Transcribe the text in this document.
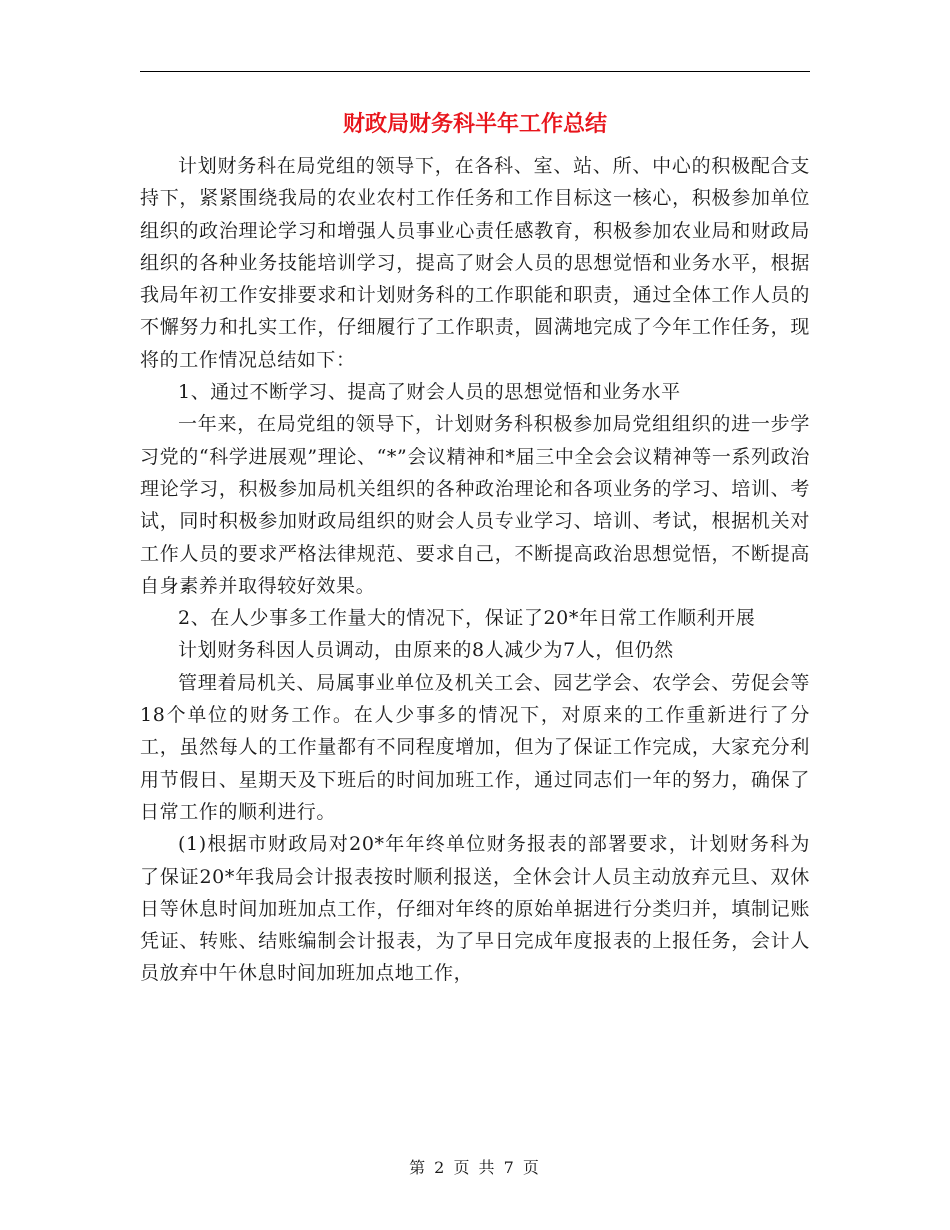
财政局财务科半年工作总结

计划财务科在局党组的领导下，在各科、室、站、所、中心的积极配合支持下，紧紧围绕我局的农业农村工作任务和工作目标这一核心，积极参加单位组织的政治理论学习和增强人员事业心责任感教育，积极参加农业局和财政局组织的各种业务技能培训学习，提高了财会人员的思想觉悟和业务水平，根据我局年初工作安排要求和计划财务科的工作职能和职责，通过全体工作人员的不懈努力和扎实工作，仔细履行了工作职责，圆满地完成了今年工作任务，现将的工作情况总结如下：

1、通过不断学习、提高了财会人员的思想觉悟和业务水平

一年来，在局党组的领导下，计划财务科积极参加局党组组织的进一步学习党的“科学进展观”理论、“*”会议精神和*届三中全会会议精神等一系列政治理论学习，积极参加局机关组织的各种政治理论和各项业务的学习、培训、考试，同时积极参加财政局组织的财会人员专业学习、培训、考试，根据机关对工作人员的要求严格法律规范、要求自己，不断提高政治思想觉悟，不断提高自身素养并取得较好效果。

2、在人少事多工作量大的情况下，保证了20*年日常工作顺利开展

计划财务科因人员调动，由原来的8人减少为7人，但仍然

管理着局机关、局属事业单位及机关工会、园艺学会、农学会、劳促会等18个单位的财务工作。在人少事多的情况下，对原来的工作重新进行了分工，虽然每人的工作量都有不同程度增加，但为了保证工作完成，大家充分利用节假日、星期天及下班后的时间加班工作，通过同志们一年的努力，确保了日常工作的顺利进行。

(1)根据市财政局对20*年年终单位财务报表的部署要求，计划财务科为了保证20*年我局会计报表按时顺利报送，全休会计人员主动放弃元旦、双休日等休息时间加班加点工作，仔细对年终的原始单据进行分类归并，填制记账凭证、转账、结账编制会计报表，为了早日完成年度报表的上报任务，会计人员放弃中午休息时间加班加点地工作，

第 2 页 共 7 页
